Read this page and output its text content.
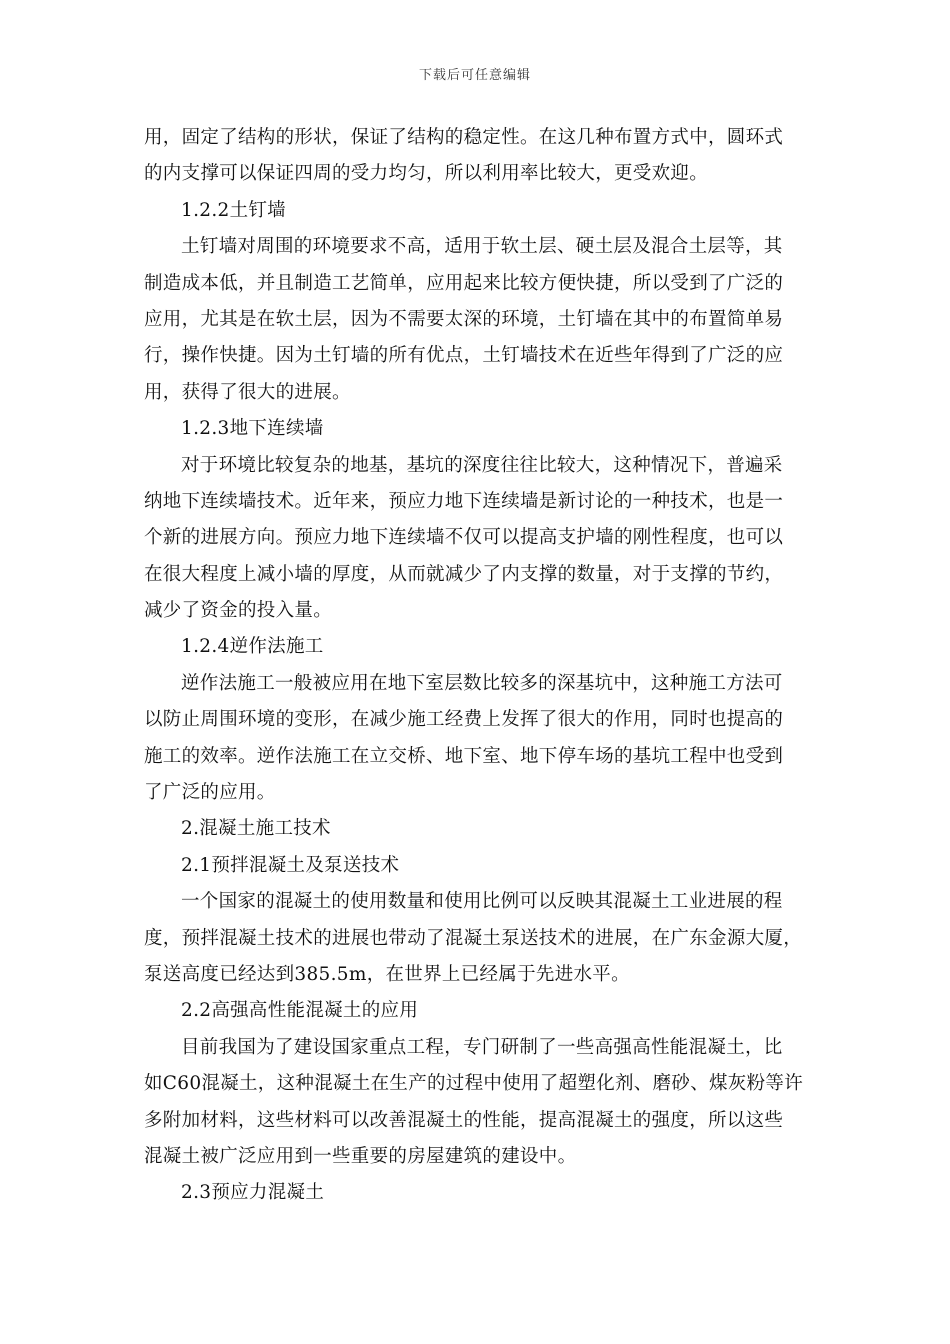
下载后可任意编辑
用，固定了结构的形状，保证了结构的稳定性。在这几种布置方式中，圆环式
的内支撑可以保证四周的受力均匀，所以利用率比较大，更受欢迎。
1.2.2土钉墙
土钉墙对周围的环境要求不高，适用于软土层、硬土层及混合土层等，其
制造成本低，并且制造工艺简单，应用起来比较方便快捷，所以受到了广泛的
应用，尤其是在软土层，因为不需要太深的环境，土钉墙在其中的布置简单易
行，操作快捷。因为土钉墙的所有优点，土钉墙技术在近些年得到了广泛的应
用，获得了很大的进展。
1.2.3地下连续墙
对于环境比较复杂的地基，基坑的深度往往比较大，这种情况下，普遍采
纳地下连续墙技术。近年来，预应力地下连续墙是新讨论的一种技术，也是一
个新的进展方向。预应力地下连续墙不仅可以提高支护墙的刚性程度，也可以
在很大程度上减小墙的厚度，从而就减少了内支撑的数量，对于支撑的节约，
减少了资金的投入量。
1.2.4逆作法施工
逆作法施工一般被应用在地下室层数比较多的深基坑中，这种施工方法可
以防止周围环境的变形，在减少施工经费上发挥了很大的作用，同时也提高的
施工的效率。逆作法施工在立交桥、地下室、地下停车场的基坑工程中也受到
了广泛的应用。
2.混凝土施工技术
2.1预拌混凝土及泵送技术
一个国家的混凝土的使用数量和使用比例可以反映其混凝土工业进展的程
度，预拌混凝土技术的进展也带动了混凝土泵送技术的进展，在广东金源大厦，
泵送高度已经达到385.5m，在世界上已经属于先进水平。
2.2高强高性能混凝土的应用
目前我国为了建设国家重点工程，专门研制了一些高强高性能混凝土，比
如C60混凝土，这种混凝土在生产的过程中使用了超塑化剂、磨砂、煤灰粉等许
多附加材料，这些材料可以改善混凝土的性能，提高混凝土的强度，所以这些
混凝土被广泛应用到一些重要的房屋建筑的建设中。
2.3预应力混凝土
